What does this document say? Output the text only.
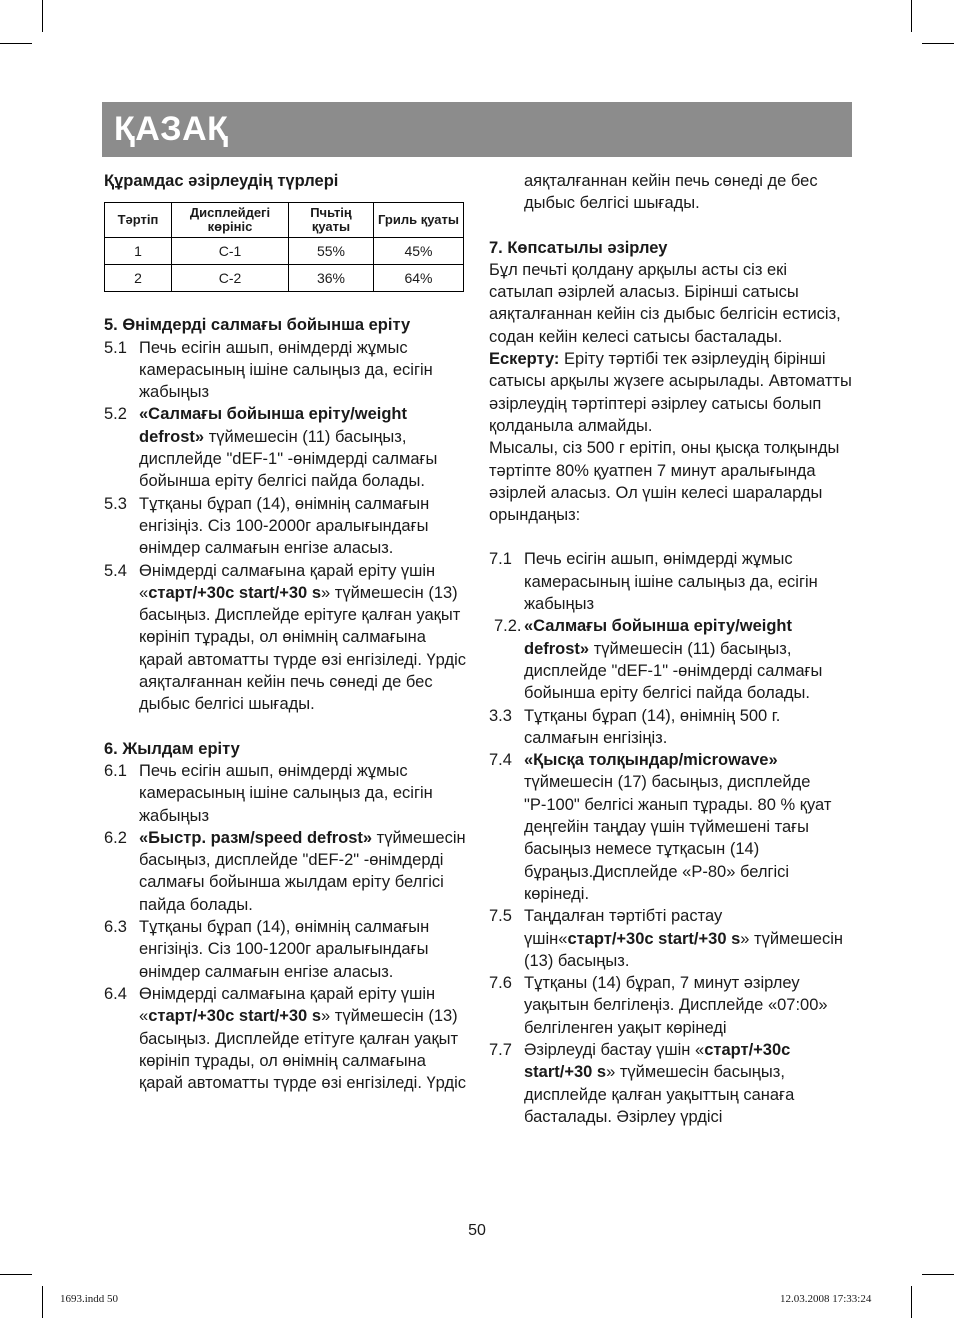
ҚАЗАҚ

Құрамдас әзірлеудің түрлері

Тәртіп	Дисплейдегі көрініс	Пчьтің қуаты	Гриль қуаты
1	C-1	55%	45%
2	C-2	36%	64%

5. Өнімдерді салмағы бойынша еріту

5.1 Печь есігін ашып, өнімдерді жұмыс камерасының ішіне салыңыз да, есігін жабыңыз
5.2 «Салмағы бойынша еріту/weight defrost» түймешесін (11) басыңыз, дисплейде "dEF-1" -өнімдерді салмағы бойынша еріту белгісі пайда болады.
5.3 Тұтқаны бұрап (14), өнімнің салмағын енгізіңіз. Сіз 100-2000г аралығындағы өнімдер салмағын енгізе аласыз.
5.4 Өнімдерді салмағына қарай еріту үшін «старт/+30с start/+30 s» түймешесін (13) басыңыз. Дисплейде ерітуге қалған уақыт көрініп тұрады, ол өнімнің салмағына қарай автоматты түрде өзі енгізіледі. Үрдіс аяқталғаннан кейін печь сөнеді де бес дыбыс белгісі шығады.

6. Жылдам еріту

6.1 Печь есігін ашып, өнімдерді жұмыс камерасының ішіне салыңыз да, есігін жабыңыз
6.2 «Быстр. разм/speed defrost» түймешесін басыңыз, дисплейде "dEF-2" -өнімдерді салмағы бойынша жылдам еріту белгісі пайда болады.
6.3 Тұтқаны бұрап (14), өнімнің салмағын енгізіңіз. Сіз 100-1200г аралығындағы өнімдер салмағын енгізе аласыз.
6.4 Өнімдерді салмағына қарай еріту үшін «старт/+30с start/+30 s» түймешесін (13) басыңыз. Дисплейде етітуге қалған уақыт көрініп тұрады, ол өнімнің салмағына қарай автоматты түрде өзі енгізіледі. Үрдіс

аяқталғаннан кейін печь сөнеді де бес дыбыс белгісі шығады.

7. Көпсатылы әзірлеу

Бұл печьті қолдану арқылы асты сіз екі сатылап әзірлей аласыз. Бірінші сатысы аяқталғаннан кейін сіз дыбыс белгісін естисіз, содан кейін келесі сатысы басталады.

Ескерту: Еріту тәртібі тек әзірлеудің бірінші сатысы арқылы жүзеге асырылады. Автоматты әзірлеудің тәртіптері әзірлеу сатысы болып қолданыла алмайды.

Мысалы, сіз 500 г ерітіп, оны қысқа толқынды тәртіпте 80% қуатпен 7 минут аралығында әзірлей аласыз. Ол үшін келесі шараларды орындаңыз:

7.1 Печь есігін ашып, өнімдерді жұмыс камерасының ішіне салыңыз да, есігін жабыңыз
7.2. «Салмағы бойынша еріту/weight defrost» түймешесін (11) басыңыз, дисплейде "dEF-1" -өнімдерді салмағы бойынша еріту белгісі пайда болады.
3.3 Тұтқаны бұрап (14), өнімнің 500 г. салмағын енгізіңіз.
7.4 «Қысқа толқындар/microwave» түймешесін (17) басыңыз, дисплейде "Р-100" белгісі жанып тұрады. 80 % қуат деңгейін таңдау үшін түймешені тағы басыңыз немесе тұтқасын (14) бұраңыз.Дисплейде «Р-80» белгісі көрінеді.
7.5 Таңдалған тәртібті растау үшін«старт/+30с start/+30 s» түймешесін (13) басыңыз.
7.6 Тұтқаны (14) бұрап, 7 минут әзірлеу уақытын белгілеңіз. Дисплейде «07:00» белгіленген уақыт көрінеді
7.7 Әзірлеуді бастау үшін «старт/+30с start/+30 s» түймешесін басыңыз, дисплейде қалған уақыттың санаға басталады. Әзірлеу үрдісі
50
1693.indd 50	12.03.2008 17:33:24
